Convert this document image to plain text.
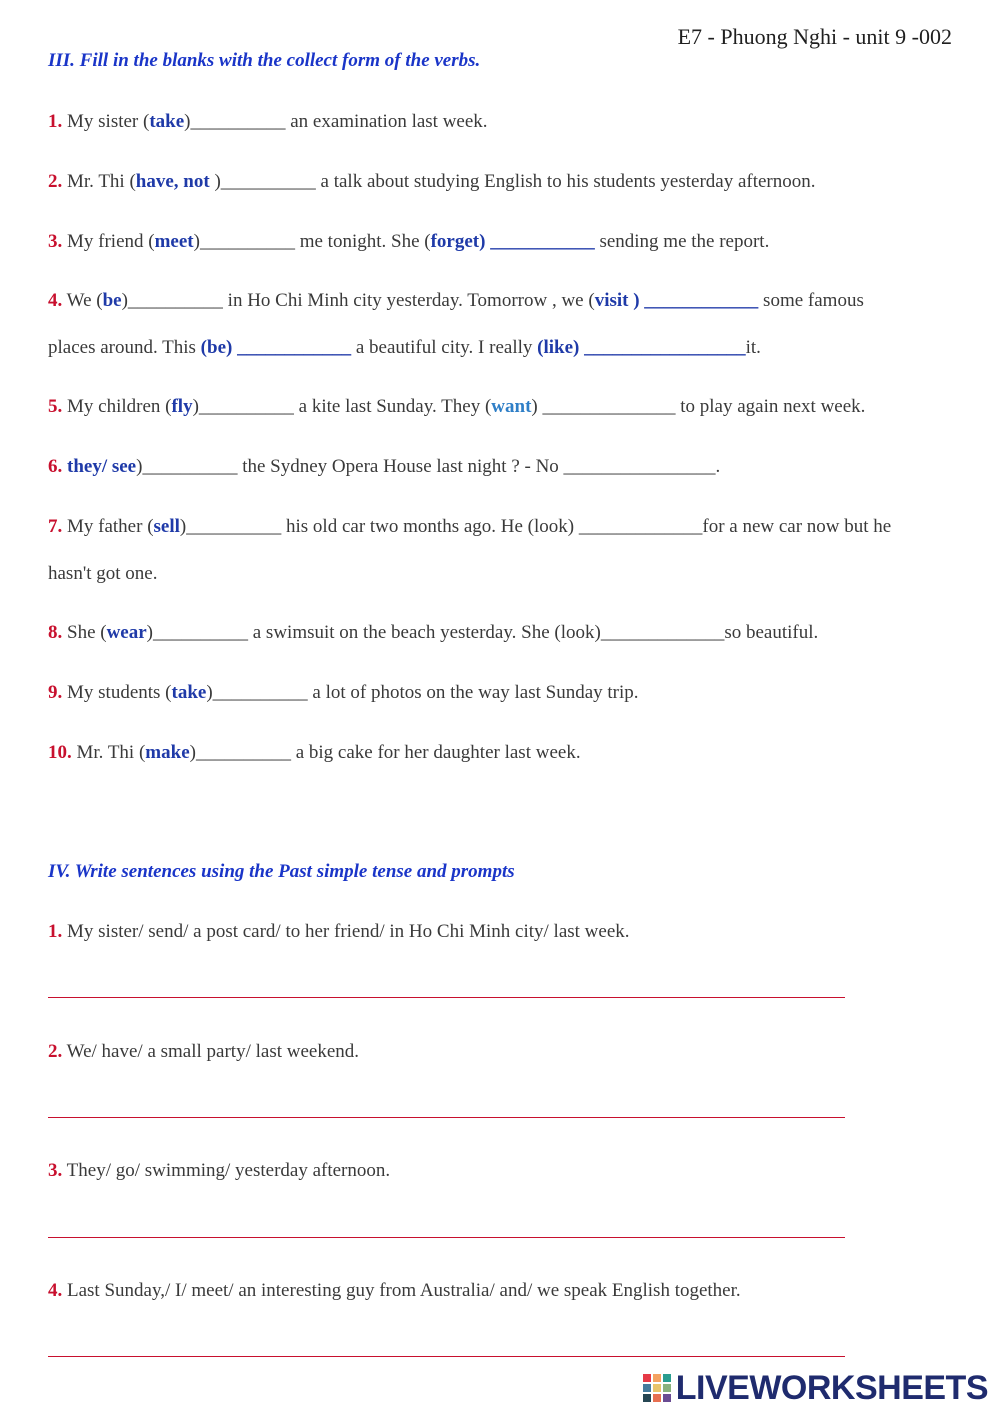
E7 - Phuong Nghi - unit 9 -002
III. Fill in the blanks with the collect form of the verbs.
1. My sister (take)__________ an examination last week.
2. Mr. Thi (have, not )__________ a talk about studying English to his students yesterday afternoon.
3. My friend (meet)__________ me tonight. She (forget) ___________ sending me the report.
4. We (be)__________ in Ho Chi Minh city yesterday. Tomorrow , we (visit ) ____________ some famous
places around. This (be) ____________ a beautiful city. I really (like) _________________it.
5. My children (fly)__________ a kite last Sunday. They (want) ______________ to play again next week.
6. they/ see)__________ the Sydney Opera House last night ? - No ________________.
7. My father (sell)__________ his old car two months ago. He (look) _____________for a new car now but he
hasn't got one.
8. She (wear)__________ a swimsuit on the beach yesterday. She (look)_____________so beautiful.
9. My students (take)__________ a lot of photos on the way last Sunday trip.
10. Mr. Thi (make)__________ a big cake for her daughter last week.
IV. Write sentences using the Past simple tense and prompts
1. My sister/ send/ a post card/ to her friend/ in Ho Chi Minh city/ last week.
2. We/ have/ a small party/ last weekend.
3. They/ go/ swimming/ yesterday afternoon.
4. Last Sunday,/ I/ meet/ an interesting guy from Australia/ and/ we speak English together.
LIVEWORKSHEETS
